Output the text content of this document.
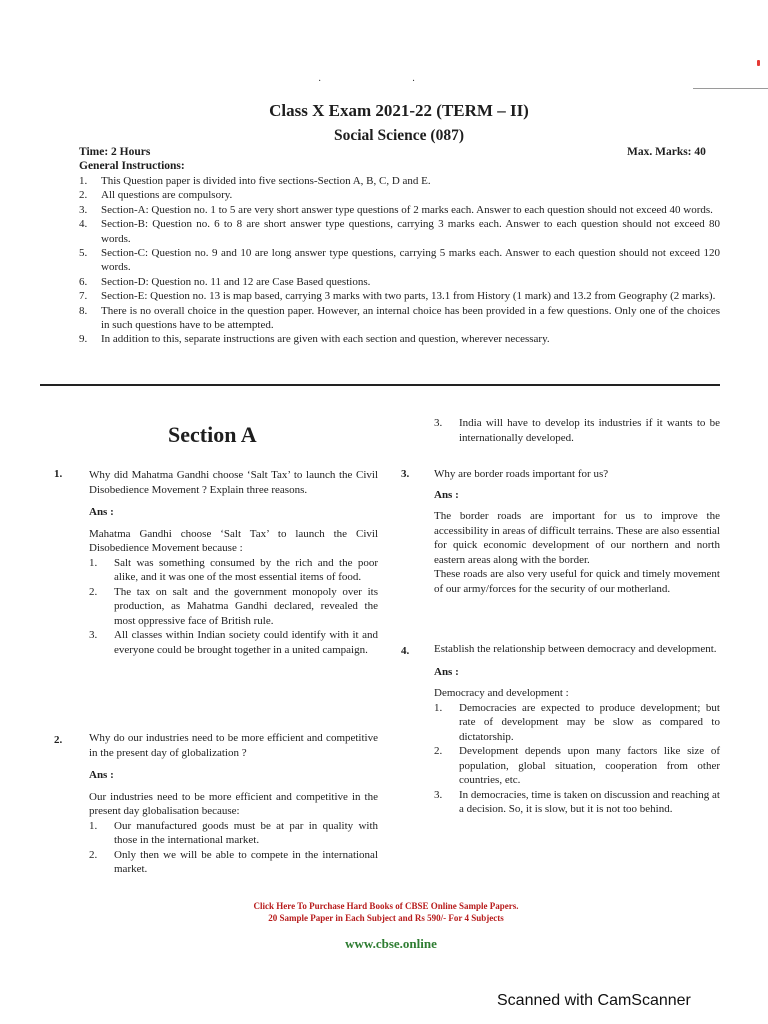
· ·
Class X Exam 2021-22 (TERM – II)
Social Science (087)
Time: 2 Hours	Max. Marks: 40
General Instructions:
1. This Question paper is divided into five sections-Section A, B, C, D and E.
2. All questions are compulsory.
3. Section-A: Question no. 1 to 5 are very short answer type questions of 2 marks each. Answer to each question should not exceed 40 words.
4. Section-B: Question no. 6 to 8 are short answer type questions, carrying 3 marks each. Answer to each question should not exceed 80 words.
5. Section-C: Question no. 9 and 10 are long answer type questions, carrying 5 marks each. Answer to each question should not exceed 120 words.
6. Section-D: Question no. 11 and 12 are Case Based questions.
7. Section-E: Question no. 13 is map based, carrying 3 marks with two parts, 13.1 from History (1 mark) and 13.2 from Geography (2 marks).
8. There is no overall choice in the question paper. However, an internal choice has been provided in a few questions. Only one of the choices in such questions have to be attempted.
9. In addition to this, separate instructions are given with each section and question, wherever necessary.
Section A
1. Why did Mahatma Gandhi choose ‘Salt Tax’ to launch the Civil Disobedience Movement ? Explain three reasons.
Ans :
Mahatma Gandhi choose ‘Salt Tax’ to launch the Civil Disobedience Movement because :
1. Salt was something consumed by the rich and the poor alike, and it was one of the most essential items of food.
2. The tax on salt and the government monopoly over its production, as Mahatma Gandhi declared, revealed the most oppressive face of British rule.
3. All classes within Indian society could identify with it and everyone could be brought together in a united campaign.
2. Why do our industries need to be more efficient and competitive in the present day of globalization ?
Ans :
Our industries need to be more efficient and competitive in the present day globalisation because:
1. Our manufactured goods must be at par in quality with those in the international market.
2. Only then we will be able to compete in the international market.
3. India will have to develop its industries if it wants to be internationally developed.
3. Why are border roads important for us?
Ans :
The border roads are important for us to improve the accessibility in areas of difficult terrains. These are also essential for quick economic development of our northern and north eastern areas along with the border.
These roads are also very useful for quick and timely movement of our army/forces for the security of our motherland.
4. Establish the relationship between democracy and development.
Ans :
Democracy and development :
1. Democracies are expected to produce development; but rate of development may be slow as compared to dictatorship.
2. Development depends upon many factors like size of population, global situation, cooperation from other countries, etc.
3. In democracies, time is taken on discussion and reaching at a decision. So, it is slow, but it is not too behind.
Click Here To Purchase Hard Books of CBSE Online Sample Papers.
20 Sample Paper in Each Subject and Rs 590/- For 4 Subjects
www.cbse.online
Scanned with CamScanner
